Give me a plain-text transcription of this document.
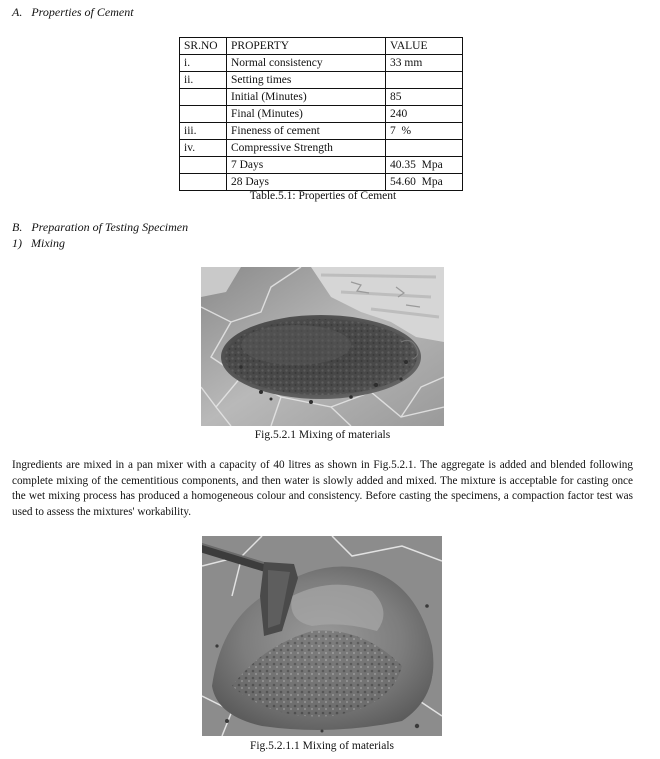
A. Properties of Cement
SR.NO	PROPERTY	VALUE
i.	Normal consistency	33 mm
ii.	Setting times	
	Initial (Minutes)	85
	Final (Minutes)	240
iii.	Fineness of cement	7  %
iv.	Compressive Strength	
	7 Days	40.35  Mpa
	28 Days	54.60  Mpa
Table.5.1: Properties of Cement
B. Preparation of Testing Specimen
1) Mixing
Fig.5.2.1 Mixing of materials
Ingredients are mixed in a pan mixer with a capacity of 40 litres as shown in Fig.5.2.1. The aggregate is added and blended following complete mixing of the cementitious components, and then water is slowly added and mixed. The mixture is acceptable for casting once the wet mixing process has produced a homogeneous colour and consistency. Before casting the specimens, a compaction factor test was used to assess the mixtures' workability.
Fig.5.2.1.1 Mixing of materials
